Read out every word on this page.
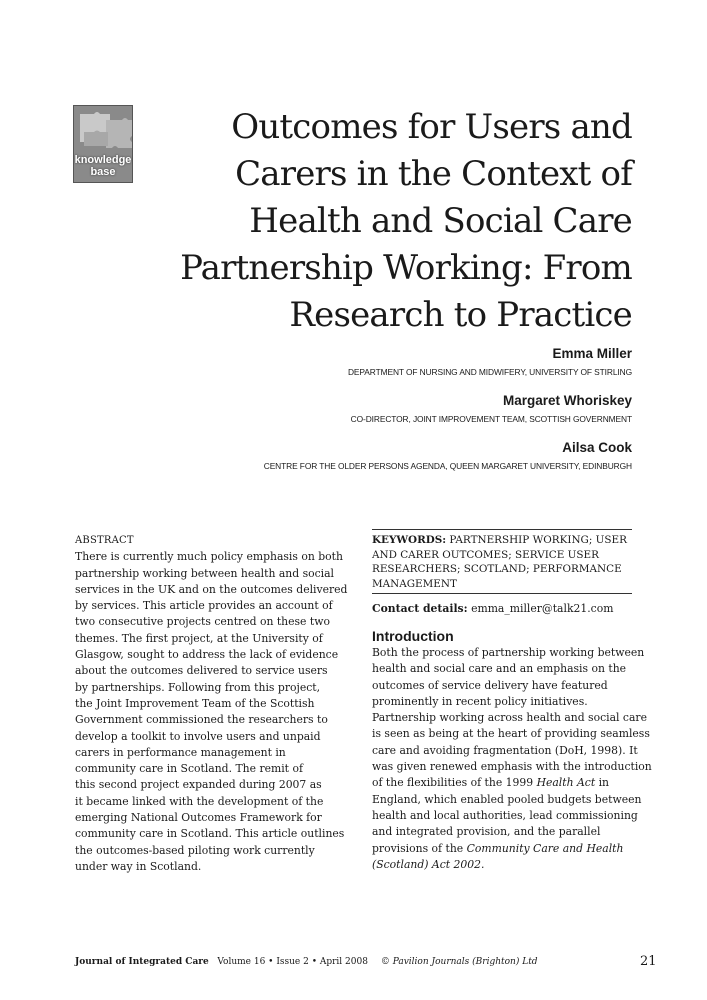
knowledge
base
Outcomes for Users and
Carers in the Context of
Health and Social Care
Partnership Working: From
Research to Practice
Emma Miller
DEPARTMENT OF NURSING AND MIDWIFERY, UNIVERSITY OF STIRLING
Margaret Whoriskey
CO-DIRECTOR, JOINT IMPROVEMENT TEAM, SCOTTISH GOVERNMENT
Ailsa Cook
CENTRE FOR THE OLDER PERSONS AGENDA, QUEEN MARGARET UNIVERSITY, EDINBURGH
ABSTRACT
There is currently much policy emphasis on both
partnership working between health and social
services in the UK and on the outcomes delivered
by services. This article provides an account of
two consecutive projects centred on these two
themes. The first project, at the University of
Glasgow, sought to address the lack of evidence
about the outcomes delivered to service users
by partnerships. Following from this project,
the Joint Improvement Team of the Scottish
Government commissioned the researchers to
develop a toolkit to involve users and unpaid
carers in performance management in
community care in Scotland. The remit of
this second project expanded during 2007 as
it became linked with the development of the
emerging National Outcomes Framework for
community care in Scotland. This article outlines
the outcomes-based piloting work currently
under way in Scotland.
KEYWORDS: PARTNERSHIP WORKING; USER AND CARER OUTCOMES; SERVICE USER RESEARCHERS; SCOTLAND; PERFORMANCE MANAGEMENT
Contact details: emma_miller@talk21.com
Introduction
Both the process of partnership working between
health and social care and an emphasis on the
outcomes of service delivery have featured
prominently in recent policy initiatives.
Partnership working across health and social care
is seen as being at the heart of providing seamless
care and avoiding fragmentation (DoH, 1998). It
was given renewed emphasis with the introduction
of the flexibilities of the 1999 Health Act in
England, which enabled pooled budgets between
health and local authorities, lead commissioning
and integrated provision, and the parallel
provisions of the Community Care and Health
(Scotland) Act 2002.
Journal of Integrated Care Volume 16 • Issue 2 • April 2008 © Pavilion Journals (Brighton) Ltd	21
